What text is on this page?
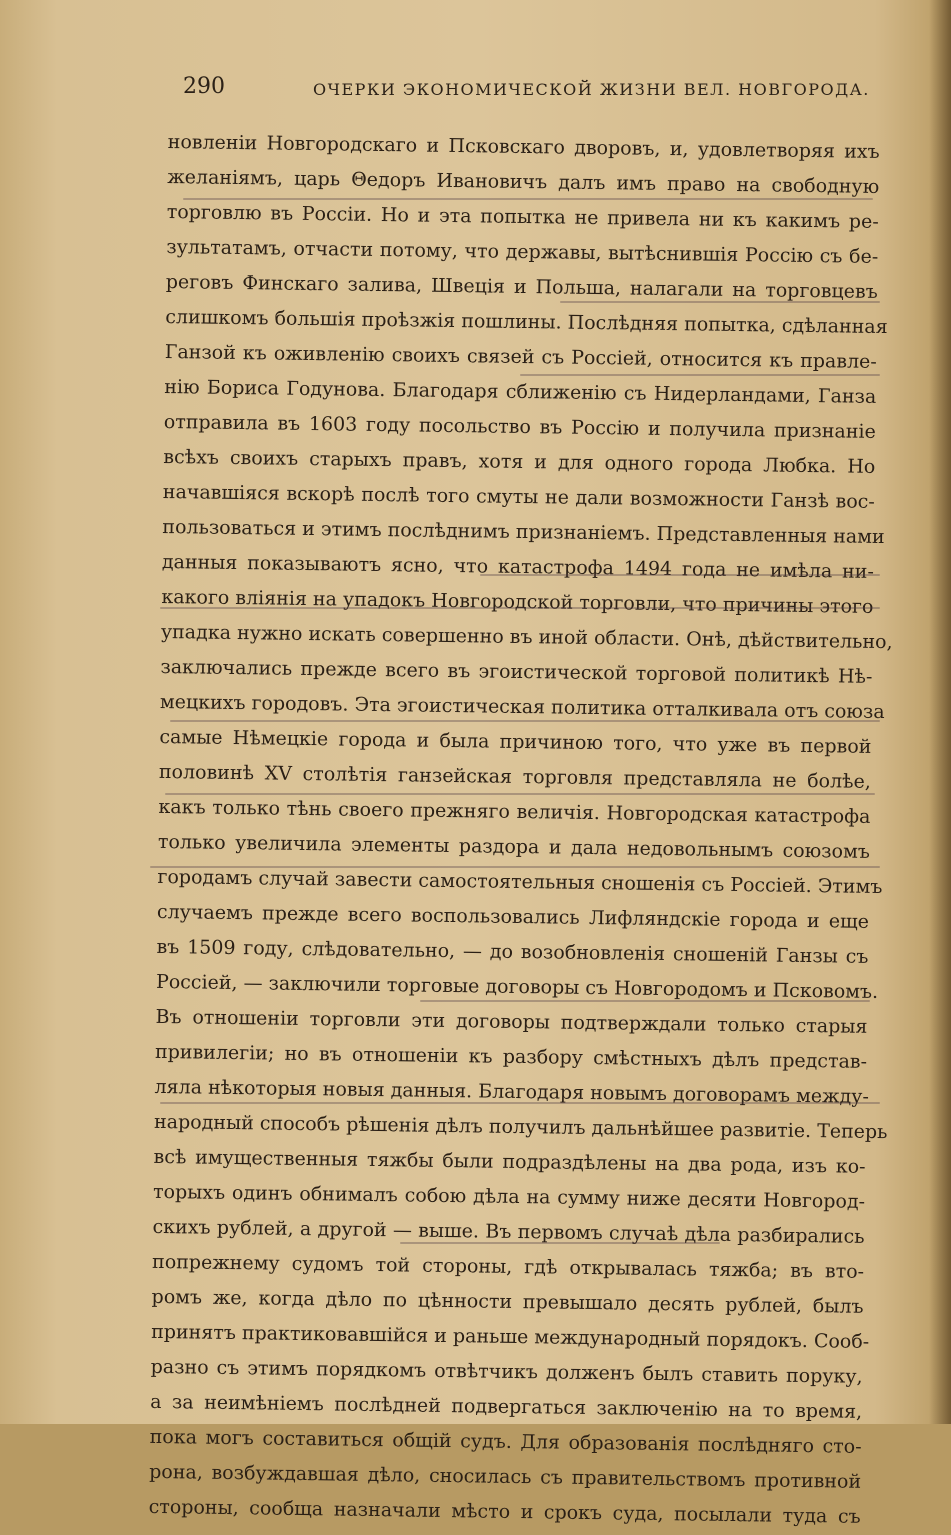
290	ОЧЕРКИ ЭКОНОМИЧЕСКОЙ ЖИЗНИ ВЕЛ. НОВГОРОДА.
новленіи Новгородскаго и Псковскаго дворовъ, и, удовлетворяя ихъ
желаніямъ, царь Θедоръ Ивановичъ далъ имъ право на свободную
торговлю въ Россіи. Но и эта попытка не привела ни къ какимъ ре-
зультатамъ, отчасти потому, что державы, вытѣснившія Россію съ бе-
реговъ Финскаго залива, Швеція и Польша, налагали на торговцевъ
слишкомъ большія проѣзжія пошлины. Послѣдняя попытка, сдѣланная
Ганзой къ оживленію своихъ связей съ Россіей, относится къ правле-
нію Бориса Годунова. Благодаря сближенію съ Нидерландами, Ганза
отправила въ 1603 году посольство въ Россію и получила признаніе
всѣхъ своихъ старыхъ правъ, хотя и для одного города Любка. Но
начавшіяся вскорѣ послѣ того смуты не дали возможности Ганзѣ вос-
пользоваться и этимъ послѣднимъ признаніемъ. Представленныя нами
данныя показываютъ ясно, что катастрофа 1494 года не имѣла ни-
какого вліянія на упадокъ Новгородской торговли, что причины этого
упадка нужно искать совершенно въ иной области. Онѣ, дѣйствительно,
заключались прежде всего въ эгоистической торговой политикѣ Нѣ-
мецкихъ городовъ. Эта эгоистическая политика отталкивала отъ союза
самые Нѣмецкіе города и была причиною того, что уже въ первой
половинѣ XV столѣтія ганзейская торговля представляла не болѣе,
какъ только тѣнь своего прежняго величія. Новгородская катастрофа
только увеличила элементы раздора и дала недовольнымъ союзомъ
городамъ случай завести самостоятельныя сношенія съ Россіей. Этимъ
случаемъ прежде всего воспользовались Лифляндскіе города и еще
въ 1509 году, слѣдовательно, — до возобновленія сношеній Ганзы съ
Россіей, — заключили торговые договоры съ Новгородомъ и Псковомъ.
Въ отношеніи торговли эти договоры подтверждали только старыя
привилегіи; но въ отношеніи къ разбору смѣстныхъ дѣлъ представ-
ляла нѣкоторыя новыя данныя. Благодаря новымъ договорамъ между-
народный способъ рѣшенія дѣлъ получилъ дальнѣйшее развитіе. Теперь
всѣ имущественныя тяжбы были подраздѣлены на два рода, изъ ко-
торыхъ одинъ обнималъ собою дѣла на сумму ниже десяти Новгород-
скихъ рублей, а другой — выше. Въ первомъ случаѣ дѣла разбирались
попрежнему судомъ той стороны, гдѣ открывалась тяжба; въ вто-
ромъ же, когда дѣло по цѣнности превышало десять рублей, былъ
принятъ практиковавшійся и раньше международный порядокъ. Сооб-
разно съ этимъ порядкомъ отвѣтчикъ долженъ былъ ставить поруку,
а за неимѣніемъ послѣдней подвергаться заключенію на то время,
пока могъ составиться общій судъ. Для образованія послѣдняго сто-
рона, возбуждавшая дѣло, сносилась съ правительствомъ противной
стороны, сообща назначали мѣсто и срокъ суда, посылали туда съ
